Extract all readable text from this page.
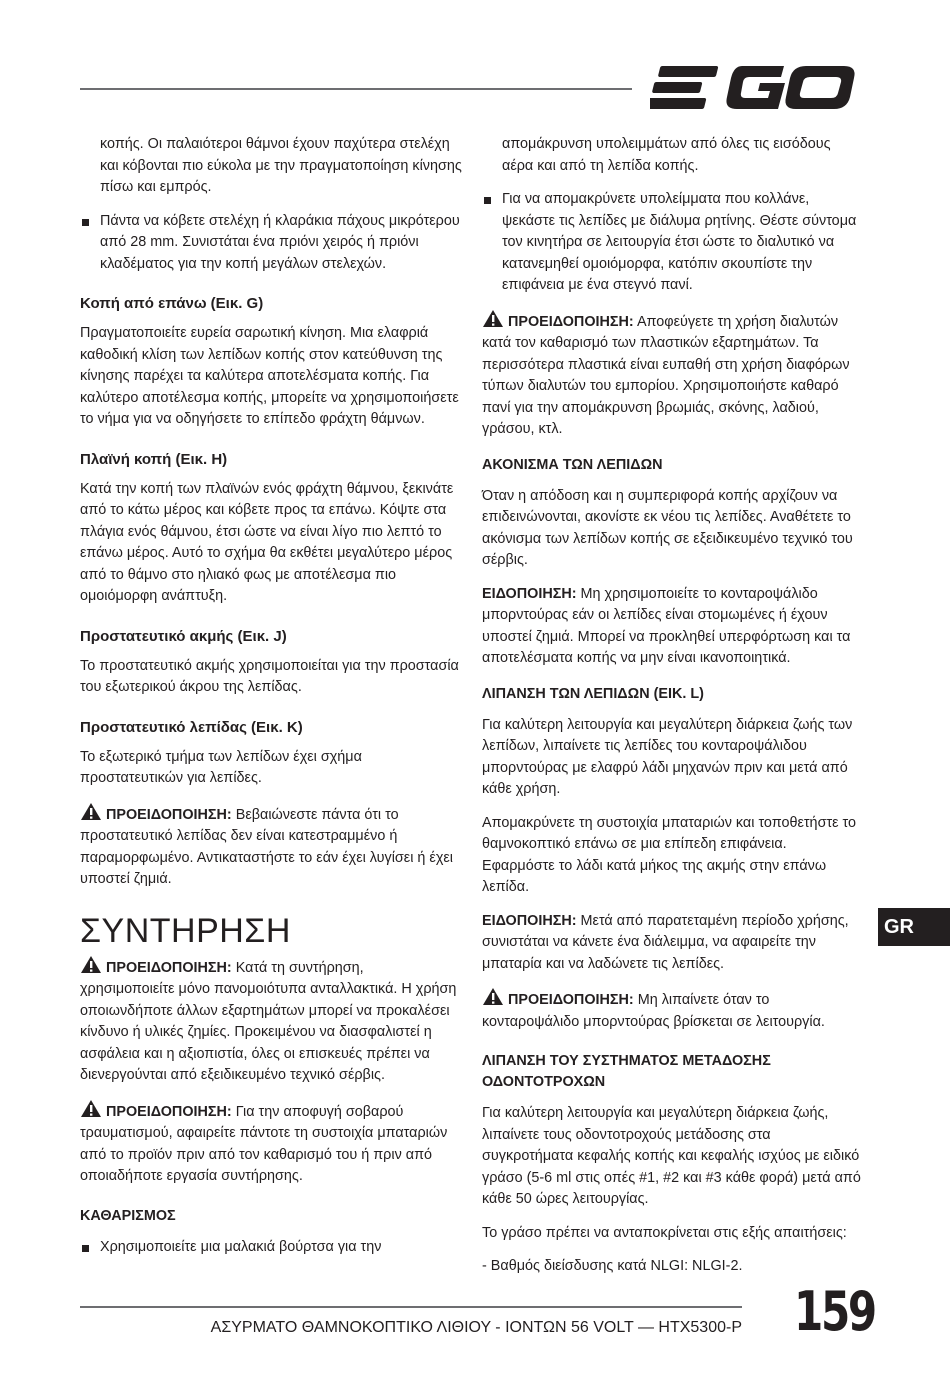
κοπής. Οι παλαιότεροι θάμνοι έχουν παχύτερα στελέχη και κόβονται πιο εύκολα με την πραγματοποίηση κίνησης πίσω και εμπρός.

Πάντα να κόβετε στελέχη ή κλαράκια πάχους μικρότερου από 28 mm. Συνιστάται ένα πριόνι χειρός ή πριόνι κλαδέματος για την κοπή μεγάλων στελεχών.

Κοπή από επάνω (Εικ. G)

Πραγματοποιείτε ευρεία σαρωτική κίνηση. Μια ελαφριά καθοδική κλίση των λεπίδων κοπής στον κατεύθυνση της κίνησης παρέχει τα καλύτερα αποτελέσματα κοπής. Για καλύτερο αποτέλεσμα κοπής, μπορείτε να χρησιμοποιήσετε το νήμα για να οδηγήσετε το επίπεδο φράχτη θάμνων.

Πλαϊνή κοπή (Εικ. H)

Κατά την κοπή των πλαϊνών ενός φράχτη θάμνου, ξεκινάτε από το κάτω μέρος και κόβετε προς τα επάνω. Κόψτε στα πλάγια ενός θάμνου, έτσι ώστε να είναι λίγο πιο λεπτό το επάνω μέρος. Αυτό το σχήμα θα εκθέτει μεγαλύτερο μέρος από το θάμνο στο ηλιακό φως με αποτέλεσμα πιο ομοιόμορφη ανάπτυξη.

Προστατευτικό ακμής (Εικ. J)

Το προστατευτικό ακμής χρησιμοποιείται για την προστασία του εξωτερικού άκρου της λεπίδας.

Προστατευτικό λεπίδας (Εικ. K)

Το εξωτερικό τμήμα των λεπίδων έχει σχήμα προστατευτικών για λεπίδες.

ΠΡΟΕΙΔΟΠΟΙΗΣΗ: Βεβαιώνεστε πάντα ότι το προστατευτικό λεπίδας δεν είναι κατεστραμμένο ή παραμορφωμένο. Αντικαταστήστε το εάν έχει λυγίσει ή έχει υποστεί ζημιά.

ΣΥΝΤΗΡΗΣΗ

ΠΡΟΕΙΔΟΠΟΙΗΣΗ: Κατά τη συντήρηση, χρησιμοποιείτε μόνο πανομοιότυπα ανταλλακτικά. Η χρήση οποιωνδήποτε άλλων εξαρτημάτων μπορεί να προκαλέσει κίνδυνο ή υλικές ζημίες. Προκειμένου να διασφαλιστεί η ασφάλεια και η αξιοπιστία, όλες οι επισκευές πρέπει να διενεργούνται από εξειδικευμένο τεχνικό σέρβις.

ΠΡΟΕΙΔΟΠΟΙΗΣΗ: Για την αποφυγή σοβαρού τραυματισμού, αφαιρείτε πάντοτε τη συστοιχία μπαταριών από το προϊόν πριν από τον καθαρισμό του ή πριν από οποιαδήποτε εργασία συντήρησης.

ΚΑΘΑΡΙΣΜΟΣ

Χρησιμοποιείτε μια μαλακιά βούρτσα για την

απομάκρυνση υπολειμμάτων από όλες τις εισόδους αέρα και από τη λεπίδα κοπής.

Για να απομακρύνετε υπολείμματα που κολλάνε, ψεκάστε τις λεπίδες με διάλυμα ρητίνης. Θέστε σύντομα τον κινητήρα σε λειτουργία έτσι ώστε το διαλυτικό να κατανεμηθεί ομοιόμορφα, κατόπιν σκουπίστε την επιφάνεια με ένα στεγνό πανί.

ΠΡΟΕΙΔΟΠΟΙΗΣΗ: Αποφεύγετε τη χρήση διαλυτών κατά τον καθαρισμό των πλαστικών εξαρτημάτων. Τα περισσότερα πλαστικά είναι ευπαθή στη χρήση διαφόρων τύπων διαλυτών του εμπορίου. Χρησιμοποιήστε καθαρό πανί για την απομάκρυνση βρωμιάς, σκόνης, λαδιού, γράσου, κτλ.

ΑΚΟΝΙΣΜΑ ΤΩΝ ΛΕΠΙΔΩΝ

Όταν η απόδοση και η συμπεριφορά κοπής αρχίζουν να επιδεινώνονται, ακονίστε εκ νέου τις λεπίδες. Αναθέτετε το ακόνισμα των λεπίδων κοπής σε εξειδικευμένο τεχνικό του σέρβις.

ΕΙΔΟΠΟΙΗΣΗ: Μη χρησιμοποιείτε το κονταροψάλιδο μπορντούρας εάν οι λεπίδες είναι στομωμένες ή έχουν υποστεί ζημιά. Μπορεί να προκληθεί υπερφόρτωση και τα αποτελέσματα κοπής να μην είναι ικανοποιητικά.

ΛΙΠΑΝΣΗ ΤΩΝ ΛΕΠΙΔΩΝ (ΕΙΚ. L)

Για καλύτερη λειτουργία και μεγαλύτερη διάρκεια ζωής των λεπίδων, λιπαίνετε τις λεπίδες του κονταροψάλιδου μπορντούρας με ελαφρύ λάδι μηχανών πριν και μετά από κάθε χρήση.

Απομακρύνετε τη συστοιχία μπαταριών και τοποθετήστε το θαμνοκοπτικό επάνω σε μια επίπεδη επιφάνεια. Εφαρμόστε το λάδι κατά μήκος της ακμής στην επάνω λεπίδα.

ΕΙΔΟΠΟΙΗΣΗ: Μετά από παρατεταμένη περίοδο χρήσης, συνιστάται να κάνετε ένα διάλειμμα, να αφαιρείτε την μπαταρία και να λαδώνετε τις λεπίδες.

ΠΡΟΕΙΔΟΠΟΙΗΣΗ: Μη λιπαίνετε όταν το κονταροψάλιδο μπορντούρας βρίσκεται σε λειτουργία.

ΛΙΠΑΝΣΗ ΤΟΥ ΣΥΣΤΗΜΑΤΟΣ ΜΕΤΑΔΟΣΗΣ ΟΔΟΝΤΟΤΡΟΧΩΝ

Για καλύτερη λειτουργία και μεγαλύτερη διάρκεια ζωής, λιπαίνετε τους οδοντοτροχούς μετάδοσης στα συγκροτήματα κεφαλής κοπής και κεφαλής ισχύος με ειδικό γράσο (5-6 ml στις οπές #1, #2 και #3 κάθε φορά) μετά από κάθε 50 ώρες λειτουργίας.

Το γράσο πρέπει να ανταποκρίνεται στις εξής απαιτήσεις:

- Βαθμός διείσδυσης κατά NLGI: NLGI-2.

GR
ΑΣΥΡΜΑΤΟ ΘΑΜΝΟΚΟΠΤΙΚΟ ΛΙΘΙΟΥ - ΙΟΝΤΩΝ 56 VOLT — HTX5300-P 159
